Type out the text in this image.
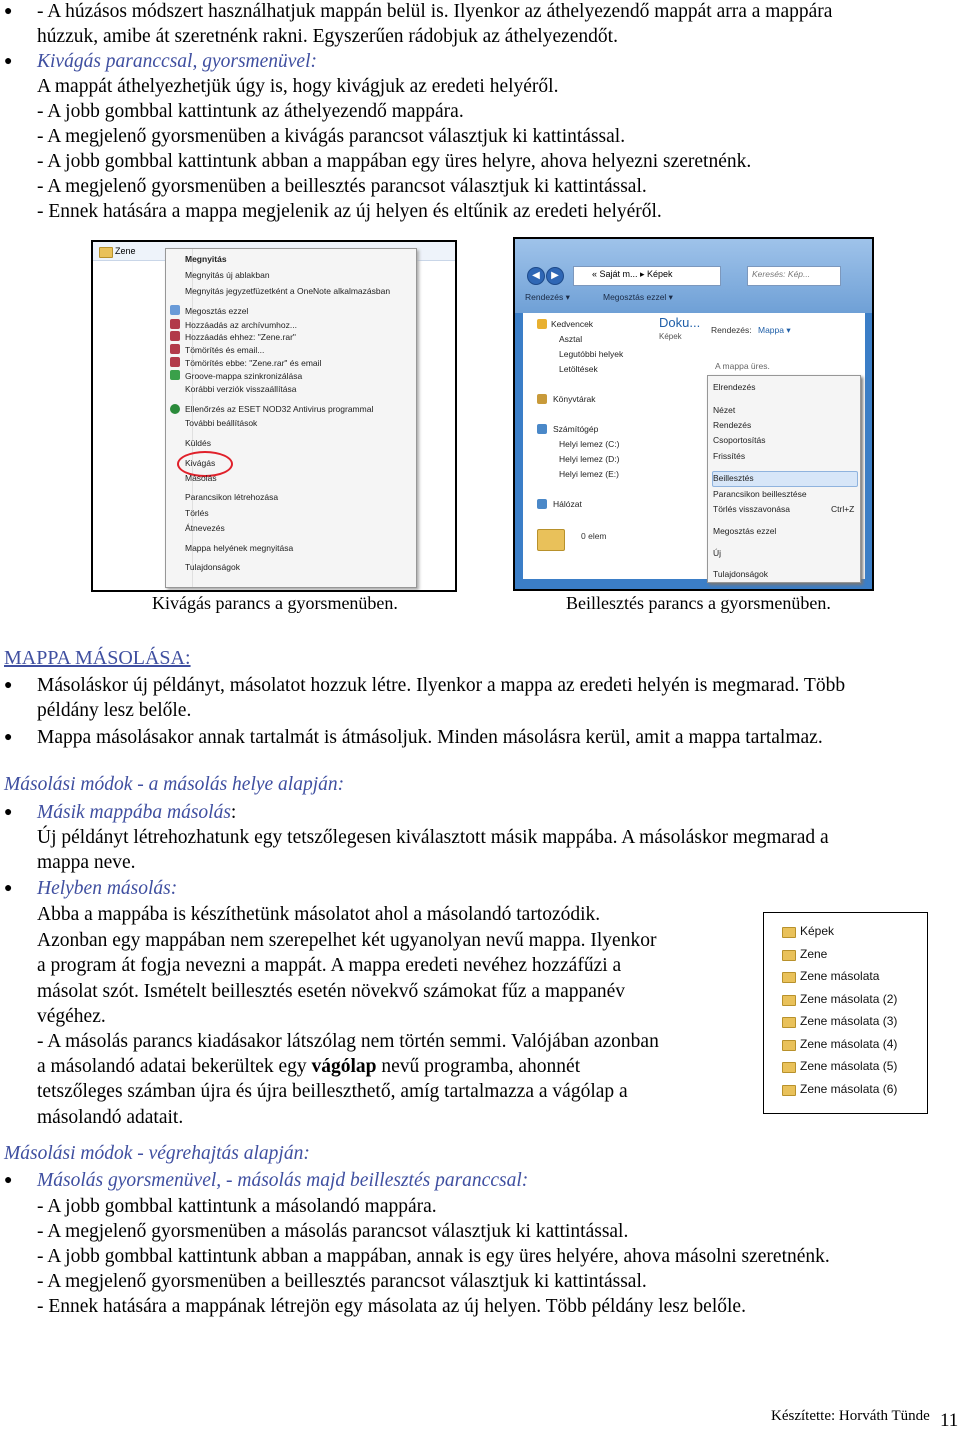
● - A húzásos módszert használhatjuk mappán belül is. Ilyenkor az áthelyezendő mappát arra a mappára
húzzuk, amibe át szeretnénk rakni. Egyszerűen rádobjuk az áthelyezendőt.
● Kivágás paranccsal, gyorsmenüvel:
A mappát áthelyezhetjük úgy is, hogy kivágjuk az eredeti helyéről.
- A jobb gombbal kattintunk az áthelyezendő mappára.
- A megjelenő gyorsmenüben a kivágás parancsot választjuk ki kattintással.
- A jobb gombbal kattintunk abban a mappában egy üres helyre, ahova helyezni szeretnénk.
- A megjelenő gyorsmenüben a beillesztés parancsot választjuk ki kattintással.
- Ennek hatására a mappa megjelenik az új helyen és eltűnik az eredeti helyéről.
Zene
Megnyitás
Megnyitás új ablakban
Megnyitás jegyzetfüzetként a OneNote alkalmazásban
Megosztás ezzel
Hozzáadás az archívumhoz...
Hozzáadás ehhez: "Zene.rar"
Tömörítés és email...
Tömörítés ebbe: "Zene.rar" és email
Groove-mappa szinkronizálása
Korábbi verziók visszaállítása
Ellenőrzés az ESET NOD32 Antivirus programmal
További beállítások
Küldés
Kivágás
Másolás
Parancsikon létrehozása
Törlés
Átnevezés
Mappa helyének megnyitása
Tulajdonságok
◀	▶	« Saját m... ▸ Képek	Keresés: Kép...
Rendezés ▾	Megosztás ezzel ▾
Kedvencek
Asztal
Legutóbbi helyek
Letöltések
Könyvtárak
Számítógép
Helyi lemez (C:)
Helyi lemez (D:)
Helyi lemez (E:)
Hálózat
Doku...
Képek
Rendezés: Mappa ▾
A mappa üres.
Elrendezés
Nézet
Rendezés
Csoportosítás
Frissítés
Beillesztés
Parancsikon beillesztése
Törlés visszavonása	Ctrl+Z
Megosztás ezzel
Új
Tulajdonságok
0 elem
Kivágás parancs a gyorsmenüben.	Beillesztés parancs a gyorsmenüben.
MAPPA MÁSOLÁSA:
● Másoláskor új példányt, másolatot hozzuk létre. Ilyenkor a mappa az eredeti helyén is megmarad. Több
példány lesz belőle.
● Mappa másolásakor annak tartalmát is átmásoljuk. Minden másolásra kerül, amit a mappa tartalmaz.
Másolási módok - a másolás helye alapján:
● Másik mappába másolás:
Új példányt létrehozhatunk egy tetszőlegesen kiválasztott másik mappába. A másoláskor megmarad a
mappa neve.
● Helyben másolás:
Abba a mappába is készíthetünk másolatot ahol a másolandó tartozódik.
Azonban egy mappában nem szerepelhet két ugyanolyan nevű mappa. Ilyenkor
a program át fogja nevezni a mappát. A mappa eredeti nevéhez hozzáfűzi a
másolat szót. Ismételt beillesztés esetén növekvő számokat fűz a mappanév
végéhez.
- A másolás parancs kiadásakor látszólag nem történ semmi. Valójában azonban
a másolandó adatai bekerültek egy vágólap nevű programba, ahonnét
tetszőleges számban újra és újra beilleszthető, amíg tartalmazza a vágólap a
másolandó adatait.
Képek
Zene
Zene másolata
Zene másolata (2)
Zene másolata (3)
Zene másolata (4)
Zene másolata (5)
Zene másolata (6)
Másolási módok - végrehajtás alapján:
● Másolás gyorsmenüvel, - másolás majd beillesztés paranccsal:
- A jobb gombbal kattintunk a másolandó mappára.
- A megjelenő gyorsmenüben a másolás parancsot választjuk ki kattintással.
- A jobb gombbal kattintunk abban a mappában, annak is egy üres helyére, ahova másolni szeretnénk.
- A megjelenő gyorsmenüben a beillesztés parancsot választjuk ki kattintással.
- Ennek hatására a mappának létrejön egy másolata az új helyen. Több példány lesz belőle.
Készítette: Horváth Tünde 11
